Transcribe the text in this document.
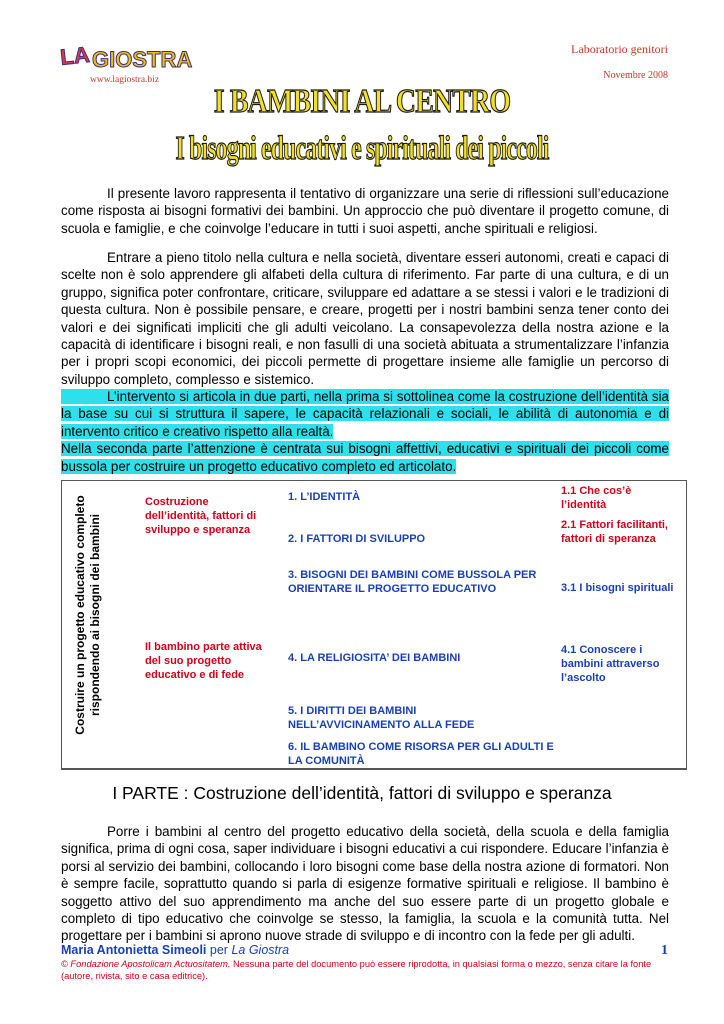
LA GIOSTRA
www.lagiostra.biz
Laboratorio genitori
Novembre 2008
I BAMBINI AL CENTRO
I bisogni educativi e spirituali dei piccoli
Il presente lavoro rappresenta il tentativo di organizzare una serie di riflessioni sull’educazione come risposta ai bisogni formativi dei bambini. Un approccio che può diventare il progetto comune, di scuola e famiglie, e che coinvolge l’educare in tutti i suoi aspetti, anche spirituali e religiosi.
Entrare a pieno titolo nella cultura e nella società, diventare esseri autonomi, creati e capaci di scelte non è solo apprendere gli alfabeti della cultura di riferimento. Far parte di una cultura, e di un gruppo, significa poter confrontare, criticare, sviluppare ed adattare a se stessi i valori e le tradizioni di questa cultura. Non è possibile pensare, e creare, progetti per i nostri bambini senza tener conto dei valori e dei significati impliciti che gli adulti veicolano. La consapevolezza della nostra azione e la capacità di identificare i bisogni reali, e non fasulli di una società abituata a strumentalizzare l’infanzia per i propri scopi economici, dei piccoli permette di progettare insieme alle famiglie un percorso di sviluppo completo, complesso e sistemico.
L’intervento si articola in due parti, nella prima si sottolinea come la costruzione dell’identità sia la base su cui si struttura il sapere, le capacità relazionali e sociali, le abilità di autonomia e di intervento critico e creativo rispetto alla realtà.
Nella seconda parte l’attenzione è centrata sui bisogni affettivi, educativi e spirituali dei piccoli come bussola per costruire un progetto educativo completo ed articolato.
Costruire un progetto educativo completo rispondendo ai bisogni dei bambini
Costruzione dell’identità, fattori di sviluppo e speranza
Il bambino parte attiva del suo progetto educativo e di fede
1. L’IDENTITÀ
2. I FATTORI DI SVILUPPO
3. BISOGNI DEI BAMBINI COME BUSSOLA PER ORIENTARE IL PROGETTO EDUCATIVO
4. LA RELIGIOSITA’ DEI BAMBINI
5. I DIRITTI DEI BAMBINI NELL’AVVICINAMENTO ALLA FEDE
6. IL BAMBINO COME RISORSA PER GLI ADULTI E LA COMUNITÀ
1.1 Che cos’è l’identità
2.1 Fattori facilitanti, fattori di speranza
3.1 I bisogni spirituali
4.1 Conoscere i bambini attraverso l’ascolto
I PARTE : Costruzione dell’identità, fattori di sviluppo e speranza
Porre i bambini al centro del progetto educativo della società, della scuola e della famiglia significa, prima di ogni cosa, saper individuare i bisogni educativi a cui rispondere. Educare l’infanzia è porsi al servizio dei bambini, collocando i loro bisogni come base della nostra azione di formatori. Non è sempre facile, soprattutto quando si parla di esigenze formative spirituali e religiose. Il bambino è soggetto attivo del suo apprendimento ma anche del suo essere parte di un progetto globale e completo di tipo educativo che coinvolge se stesso, la famiglia, la scuola e la comunità tutta. Nel progettare per i bambini si aprono nuove strade di sviluppo e di incontro con la fede per gli adulti.
Maria Antonietta Simeoli per La Giostra	1
© Fondazione Apostolicam Actuositatem. Nessuna parte del documento può essere riprodotta, in qualsiasi forma o mezzo, senza citare la fonte (autore, rivista, sito e casa editrice).
